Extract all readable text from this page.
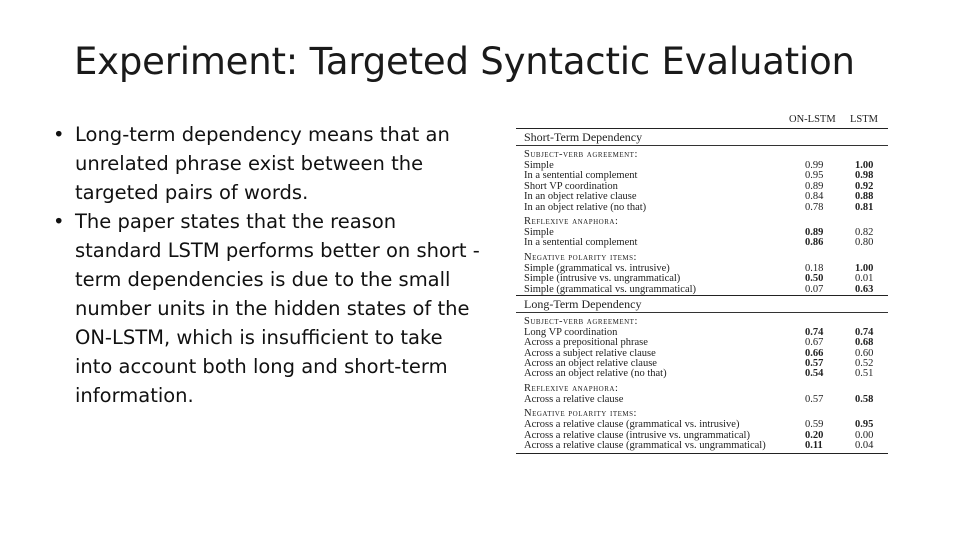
Experiment: Targeted Syntactic Evaluation
• Long-term dependency means that an unrelated phrase exist between the targeted pairs of words.
• The paper states that the reason standard LSTM performs better on short -term dependencies is due to the small number units in the hidden states of the ON-LSTM, which is insufficient to take into account both long and short-term information.
ON-LSTM LSTM
Short-Term Dependency
Subject-verb agreement:
Simple	0.99	1.00
In a sentential complement	0.95	0.98
Short VP coordination	0.89	0.92
In an object relative clause	0.84	0.88
In an object relative (no that)	0.78	0.81
Reflexive anaphora:
Simple	0.89	0.82
In a sentential complement	0.86	0.80
Negative polarity items:
Simple (grammatical vs. intrusive)	0.18	1.00
Simple (intrusive vs. ungrammatical)	0.50	0.01
Simple (grammatical vs. ungrammatical)	0.07	0.63
Long-Term Dependency
Subject-verb agreement:
Long VP coordination	0.74	0.74
Across a prepositional phrase	0.67	0.68
Across a subject relative clause	0.66	0.60
Across an object relative clause	0.57	0.52
Across an object relative (no that)	0.54	0.51
Reflexive anaphora:
Across a relative clause	0.57	0.58
Negative polarity items:
Across a relative clause (grammatical vs. intrusive)	0.59	0.95
Across a relative clause (intrusive vs. ungrammatical)	0.20	0.00
Across a relative clause (grammatical vs. ungrammatical)	0.11	0.04
